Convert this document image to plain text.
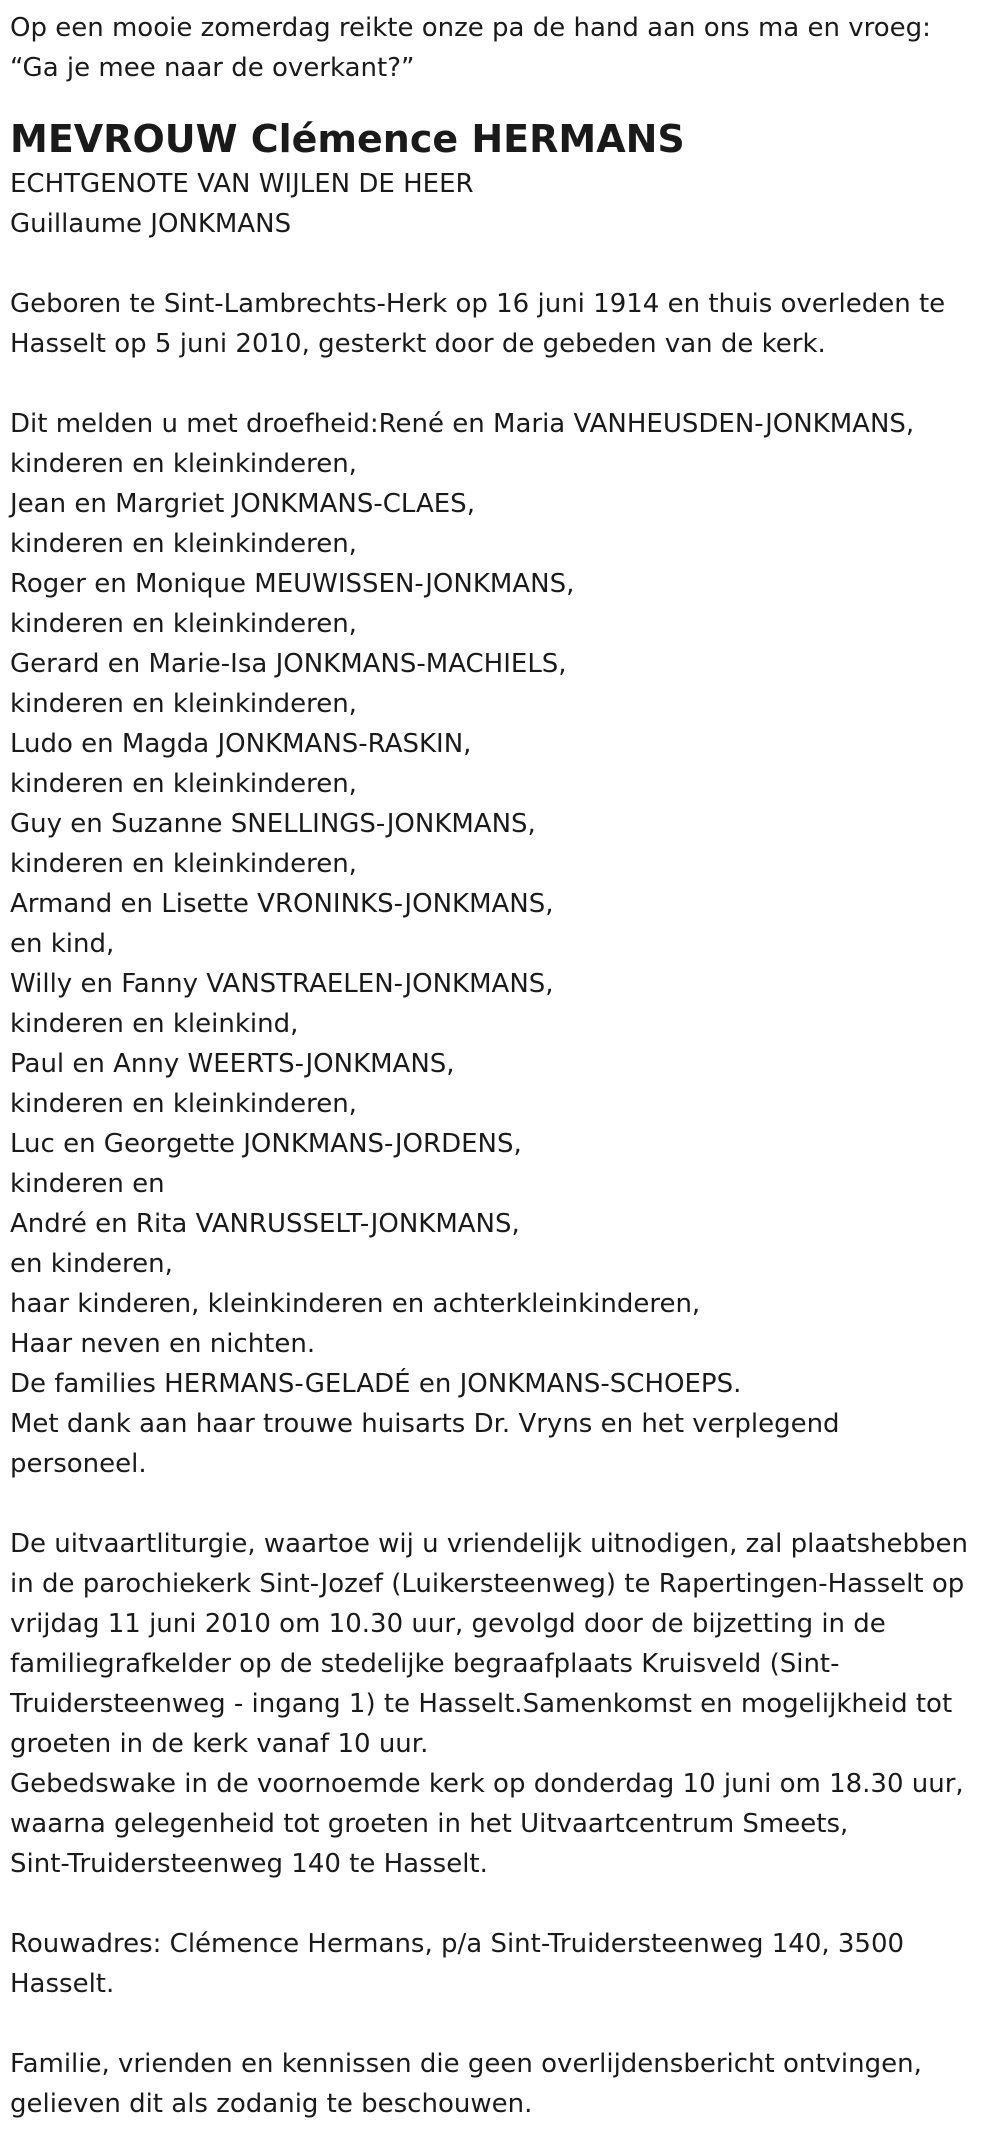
Op een mooie zomerdag reikte onze pa de hand aan ons ma en vroeg:
“Ga je mee naar de overkant?”
MEVROUW Clémence HERMANS
ECHTGENOTE VAN WIJLEN DE HEER
Guillaume JONKMANS
Geboren te Sint-Lambrechts-Herk op 16 juni 1914 en thuis overleden te
Hasselt op 5 juni 2010, gesterkt door de gebeden van de kerk.
Dit melden u met droefheid:René en Maria VANHEUSDEN-JONKMANS,
kinderen en kleinkinderen,
Jean en Margriet JONKMANS-CLAES,
kinderen en kleinkinderen,
Roger en Monique MEUWISSEN-JONKMANS,
kinderen en kleinkinderen,
Gerard en Marie-Isa JONKMANS-MACHIELS,
kinderen en kleinkinderen,
Ludo en Magda JONKMANS-RASKIN,
kinderen en kleinkinderen,
Guy en Suzanne SNELLINGS-JONKMANS,
kinderen en kleinkinderen,
Armand en Lisette VRONINKS-JONKMANS,
en kind,
Willy en Fanny VANSTRAELEN-JONKMANS,
kinderen en kleinkind,
Paul en Anny WEERTS-JONKMANS,
kinderen en kleinkinderen,
Luc en Georgette JONKMANS-JORDENS,
kinderen en
André en Rita VANRUSSELT-JONKMANS,
en kinderen,
haar kinderen, kleinkinderen en achterkleinkinderen,
Haar neven en nichten.
De families HERMANS-GELADÉ en JONKMANS-SCHOEPS.
Met dank aan haar trouwe huisarts Dr. Vryns en het verplegend
personeel.
De uitvaartliturgie, waartoe wij u vriendelijk uitnodigen, zal plaatshebben
in de parochiekerk Sint-Jozef (Luikersteenweg) te Rapertingen-Hasselt op
vrijdag 11 juni 2010 om 10.30 uur, gevolgd door de bijzetting in de
familiegrafkelder op de stedelijke begraafplaats Kruisveld (Sint-
Truidersteenweg - ingang 1) te Hasselt.Samenkomst en mogelijkheid tot
groeten in de kerk vanaf 10 uur.
Gebedswake in de voornoemde kerk op donderdag 10 juni om 18.30 uur,
waarna gelegenheid tot groeten in het Uitvaartcentrum Smeets,
Sint-Truidersteenweg 140 te Hasselt.
Rouwadres: Clémence Hermans, p/a Sint-Truidersteenweg 140, 3500
Hasselt.
Familie, vrienden en kennissen die geen overlijdensbericht ontvingen,
gelieven dit als zodanig te beschouwen.
